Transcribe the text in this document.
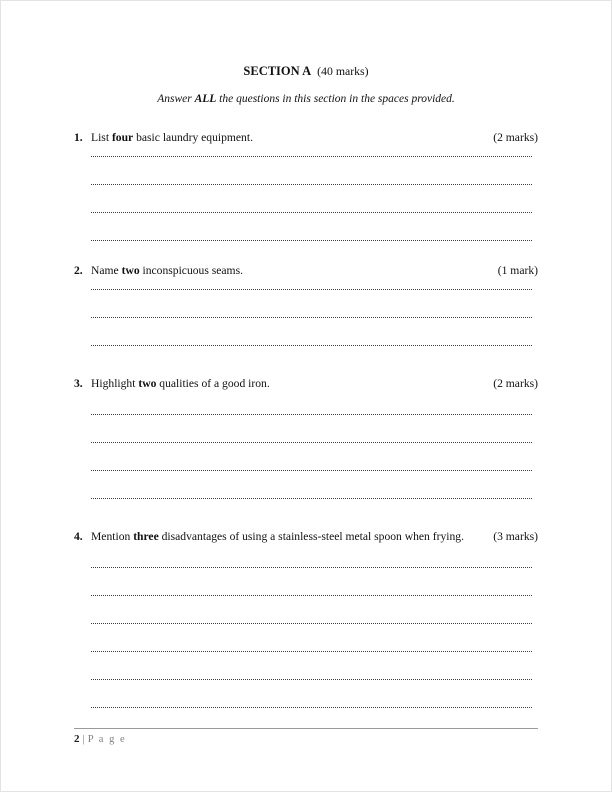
SECTION A (40 marks)
Answer ALL the questions in this section in the spaces provided.
1. List four basic laundry equipment.	(2 marks)
2. Name two inconspicuous seams.	(1 mark)
3. Highlight two qualities of a good iron.	(2 marks)
4. Mention three disadvantages of using a stainless-steel metal spoon when frying.	(3 marks)
2 | P a g e
